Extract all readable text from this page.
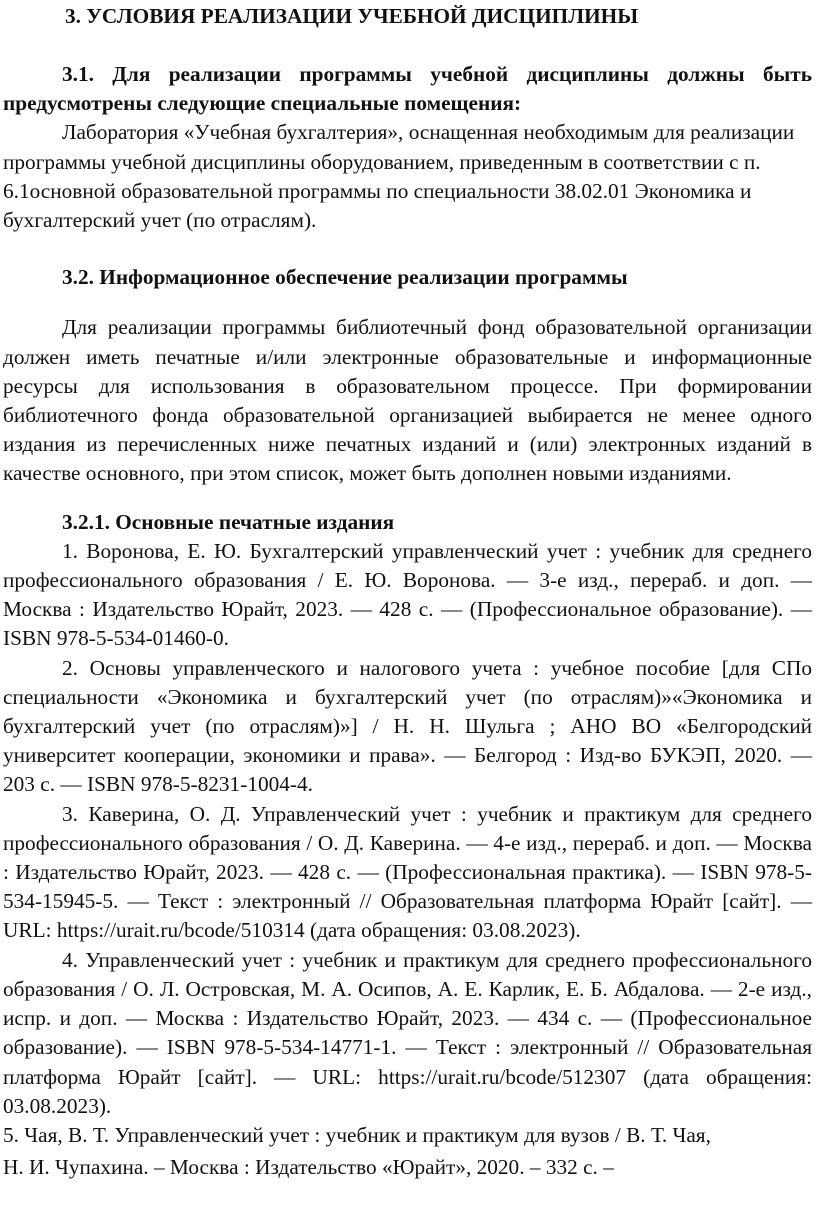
3. УСЛОВИЯ РЕАЛИЗАЦИИ УЧЕБНОЙ ДИСЦИПЛИНЫ

3.1. Для реализации программы учебной дисциплины должны быть предусмотрены следующие специальные помещения:

Лаборатория «Учебная бухгалтерия», оснащенная необходимым для реализации программы учебной дисциплины оборудованием, приведенным в соответствии с п. 6.1основной образовательной программы по специальности 38.02.01 Экономика и бухгалтерский учет (по отраслям).

3.2. Информационное обеспечение реализации программы

Для реализации программы библиотечный фонд образовательной организации должен иметь печатные и/или электронные образовательные и информационные ресурсы для использования в образовательном процессе. При формировании библиотечного фонда образовательной организацией выбирается не менее одного издания из перечисленных ниже печатных изданий и (или) электронных изданий в качестве основного, при этом список, может быть дополнен новыми изданиями.

3.2.1. Основные печатные издания

1. Воронова, Е. Ю. Бухгалтерский управленческий учет : учебник для среднего профессионального образования / Е. Ю. Воронова. — 3-е изд., перераб. и доп. — Москва : Издательство Юрайт, 2023. — 428 с. — (Профессиональное образование). — ISBN 978-5-534-01460-0.

2. Основы управленческого и налогового учета : учебное пособие [для СПо специальности «Экономика и бухгалтерский учет (по отраслям)»«Экономика и бухгалтерский учет (по отраслям)»] / Н. Н. Шульга ; АНО ВО «Белгородский университет кооперации, экономики и права». — Белгород : Изд-во БУКЭП, 2020. — 203 с. — ISBN 978-5-8231-1004-4.

3. Каверина, О. Д. Управленческий учет : учебник и практикум для среднего профессионального образования / О. Д. Каверина. — 4-е изд., перераб. и доп. — Москва : Издательство Юрайт, 2023. — 428 с. — (Профессиональная практика). — ISBN 978-5-534-15945-5. — Текст : электронный // Образовательная платформа Юрайт [сайт]. — URL: https://urait.ru/bcode/510314 (дата обращения: 03.08.2023).

4. Управленческий учет : учебник и практикум для среднего профессионального образования / О. Л. Островская, М. А. Осипов, А. Е. Карлик, Е. Б. Абдалова. — 2-е изд., испр. и доп. — Москва : Издательство Юрайт, 2023. — 434 с. — (Профессиональное образование). — ISBN 978-5-534-14771-1. — Текст : электронный // Образовательная платформа Юрайт [сайт]. — URL: https://urait.ru/bcode/512307 (дата обращения: 03.08.2023).

5. Чая, В. Т. Управленческий учет : учебник и практикум для вузов / В. Т. Чая,

Н. И. Чупахина. – Москва : Издательство «Юрайт», 2020. – 332 с. –
